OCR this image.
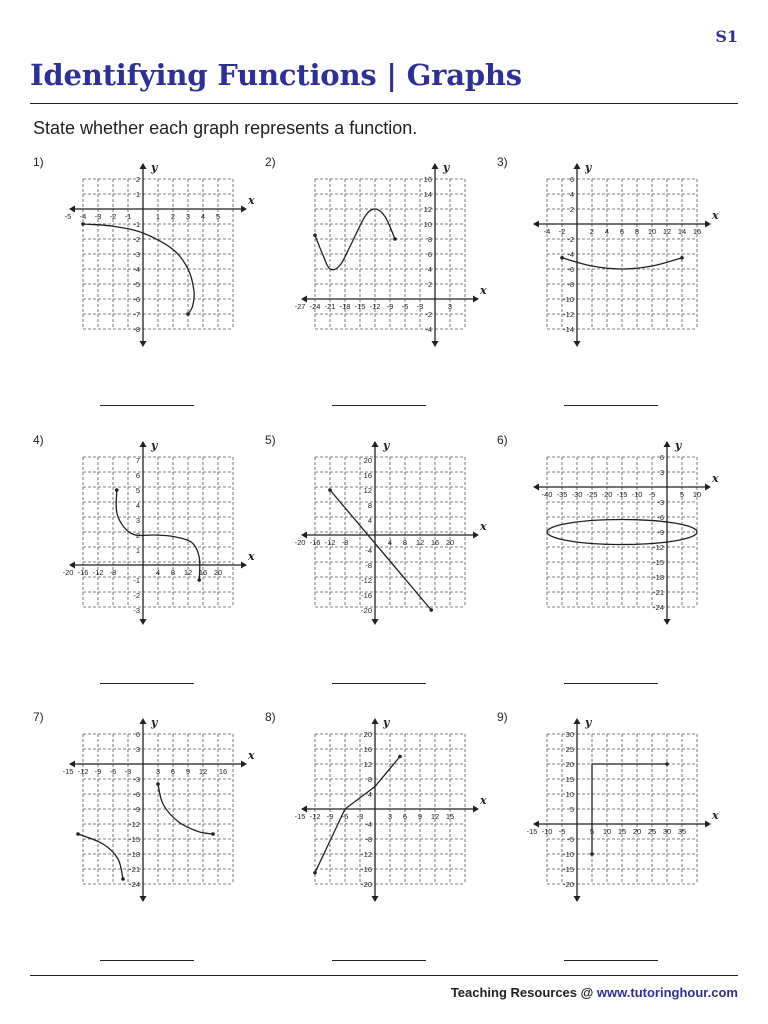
S1
Identifying Functions | Graphs
State whether each graph represents a function.
1)
x
y
-5 -4 -3 -2 -1	1 2 3 4 5
2
1
-1
-2
-3
-4
-5
-6
-7
-8
2)
x
y
-27 -24 -21 -18 -15 -12 -9 -6 -3	3
16
14
12
10
8
6
4
2
-2
-4
3)
x
y
-4 -2	2 4 6 8 10 12 14 16
6
4
2
-2
-4
-6
-8
-10
-12
-14
4)
x
y
-20 -16 -12 -8	4 8 12 16 20
7
6
5
4
3
2
1
-1
-2
-3
5)
x
y
-20 -16 -12 -8	4 8 12 16 20
20
16
12
8
4
-4
-8
-12
-16
-20
6)
x
y
-40 -35 -30 -25 -20 -15 -10 -5	5 10
6
3
-3
-6
-9
-12
-15
-18
-21
-24
7)
x
y
-15 -12 -9 -6 -3	3 6 9 12 16
6
3
-3
-6
-9
-12
-15
-18
-21
-24
8)
x
y
-15 -12 -9 -6 -3	3 6 9 12 15
20
16
12
8
4
-4
-8
-12
-16
-20
9)
x
y
-15 -10 -5	5 10 15 20 25 30 35
30
25
20
15
10
5
-5
-10
-15
-20
Teaching Resources @ www.tutoringhour.com
